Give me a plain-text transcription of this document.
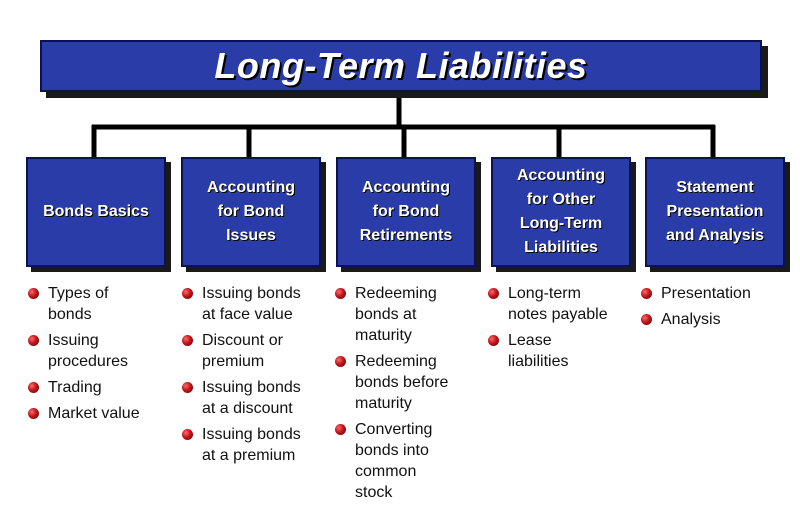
Long-Term Liabilities
Bonds Basics
Accounting
for Bond
Issues
Accounting
for Bond
Retirements
Accounting
for Other
Long-Term
Liabilities
Statement
Presentation
and Analysis
Types of
bonds
Issuing
procedures
Trading
Market value
Issuing bonds
at face value
Discount or
premium
Issuing bonds
at a discount
Issuing bonds
at a premium
Redeeming
bonds at
maturity
Redeeming
bonds before
maturity
Converting
bonds into
common
stock
Long-term
notes payable
Lease
liabilities
Presentation
Analysis
